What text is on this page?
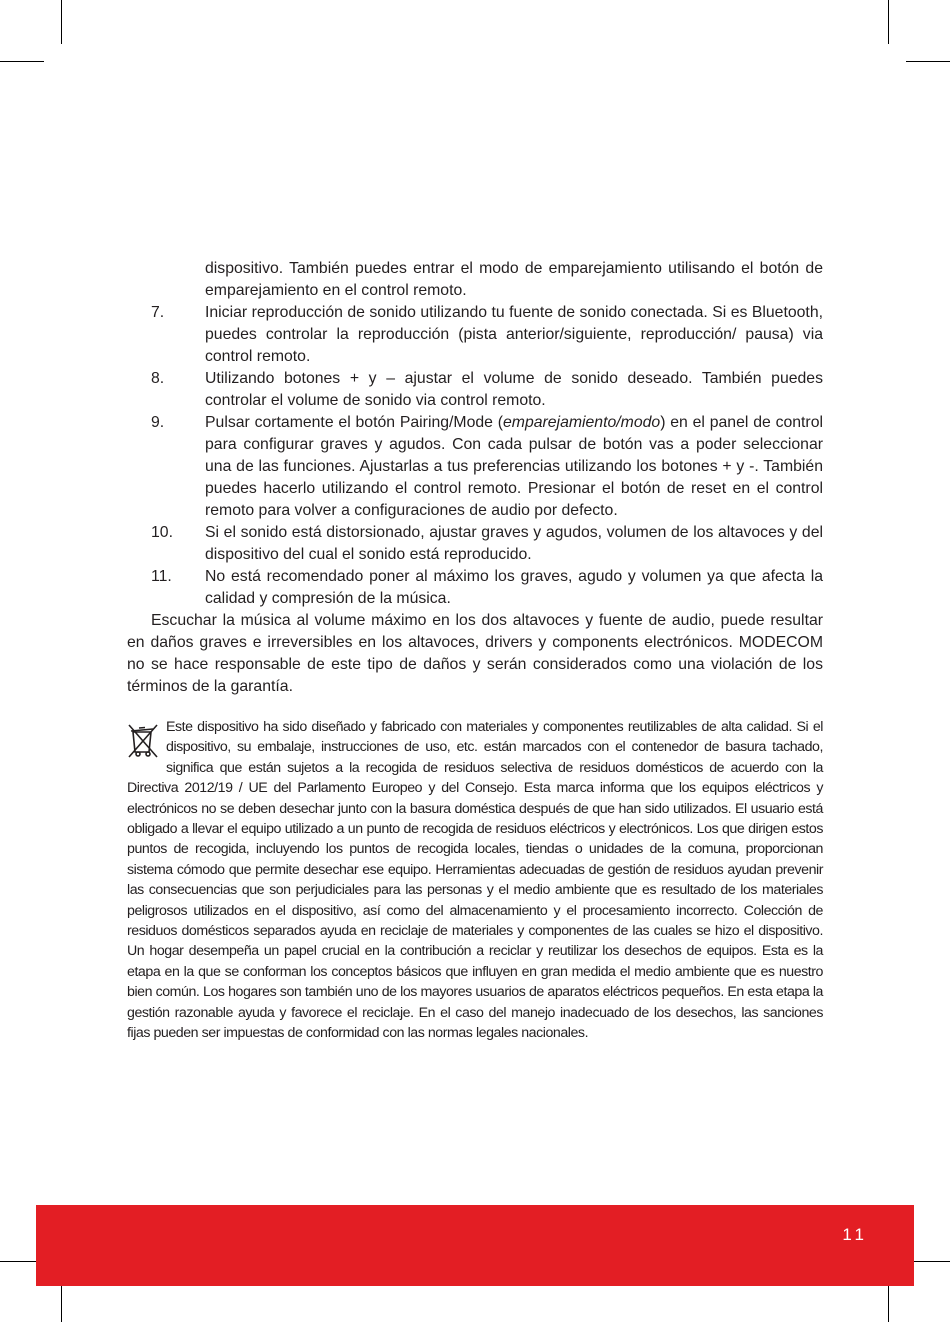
dispositivo. También puedes entrar el modo de emparejamiento utilisando el botón de emparejamiento en el control remoto.
7.	Iniciar reproducción de sonido utilizando tu fuente de sonido conectada. Si es Bluetooth, puedes controlar la reproducción (pista anterior/siguiente, reproducción/ pausa) via control remoto.
8.	Utilizando botones + y – ajustar el volume de sonido deseado. También puedes controlar el volume de sonido via control remoto.
9.	Pulsar cortamente el botón Pairing/Mode (emparejamiento/modo) en el panel de control para configurar graves y agudos. Con cada pulsar de botón vas a poder seleccionar una de las funciones. Ajustarlas a tus preferencias utilizando los botones + y -. También puedes hacerlo utilizando el control remoto. Presionar el botón de reset en el control remoto para volver a configuraciones de audio por defecto.
10.	Si el sonido está distorsionado, ajustar graves y agudos, volumen de los altavoces y del dispositivo del cual el sonido está reproducido.
11.	No está recomendado poner al máximo los graves, agudo y volumen ya que afecta la calidad y compresión de la música.

Escuchar la música al volume máximo en los dos altavoces y fuente de audio, puede resultar en daños graves e irreversibles en los altavoces, drivers y components electrónicos. MODECOM no se hace responsable de este tipo de daños y serán considerados como una violación de los términos de la garantía.

Este dispositivo ha sido diseñado y fabricado con materiales y componentes reutilizables de alta calidad. Si el dispositivo, su embalaje, instrucciones de uso, etc. están marcados con el contenedor de basura tachado, significa que están sujetos a la recogida de residuos selectiva de residuos domésticos de acuerdo con la Directiva 2012/19 / UE del Parlamento Europeo y del Consejo. Esta marca informa que los equipos eléctricos y electrónicos no se deben desechar junto con la basura doméstica después de que han sido utilizados. El usuario está obligado a llevar el equipo utilizado a un punto de recogida de residuos eléctricos y electrónicos. Los que dirigen estos puntos de recogida, incluyendo los puntos de recogida locales, tiendas o unidades de la comuna, proporcionan sistema cómodo que permite desechar ese equipo. Herramientas adecuadas de gestión de residuos ayudan prevenir las consecuencias que son perjudiciales para las personas y el medio ambiente que es resultado de los materiales peligrosos utilizados en el dispositivo, así como del almacenamiento y el procesamiento incorrecto. Colección de residuos domésticos separados ayuda en reciclaje de materiales y componentes de las cuales se hizo el dispositivo. Un hogar desempeña un papel crucial en la contribución a reciclar y reutilizar los desechos de equipos. Esta es la etapa en la que se conforman los conceptos básicos que influyen en gran medida el medio ambiente que es nuestro bien común. Los hogares son también uno de los mayores usuarios de aparatos eléctricos pequeños. En esta etapa la gestión razonable ayuda y favorece el reciclaje. En el caso del manejo inadecuado de los desechos, las sanciones fijas pueden ser impuestas de conformidad con las normas legales nacionales.
11
